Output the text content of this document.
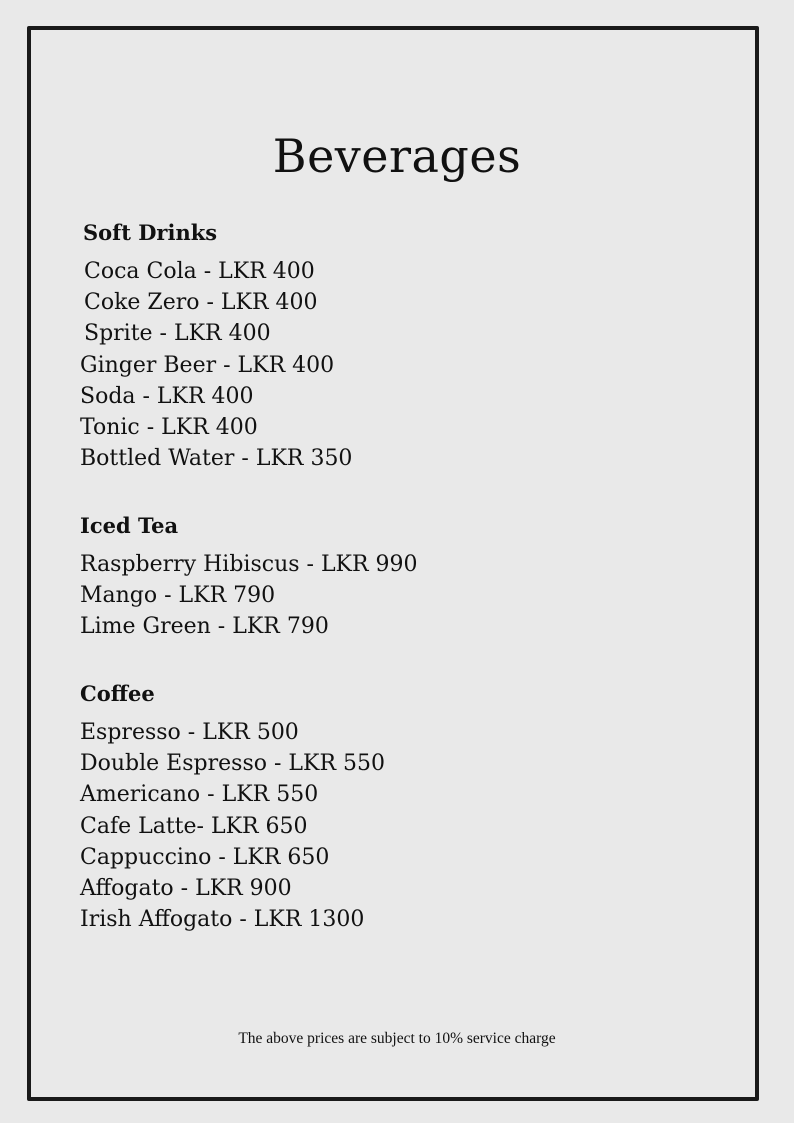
Beverages
Soft Drinks
Coca Cola - LKR 400
Coke Zero - LKR 400
Sprite - LKR 400
Ginger Beer - LKR 400
Soda - LKR 400
Tonic - LKR 400
Bottled Water - LKR 350
Iced Tea
Raspberry Hibiscus - LKR 990
Mango - LKR 790
Lime Green - LKR 790
Coffee
Espresso - LKR 500
Double Espresso - LKR 550
Americano - LKR 550
Cafe Latte- LKR 650
Cappuccino - LKR 650
Affogato - LKR 900
Irish Affogato - LKR 1300
The above prices are subject to 10% service charge
